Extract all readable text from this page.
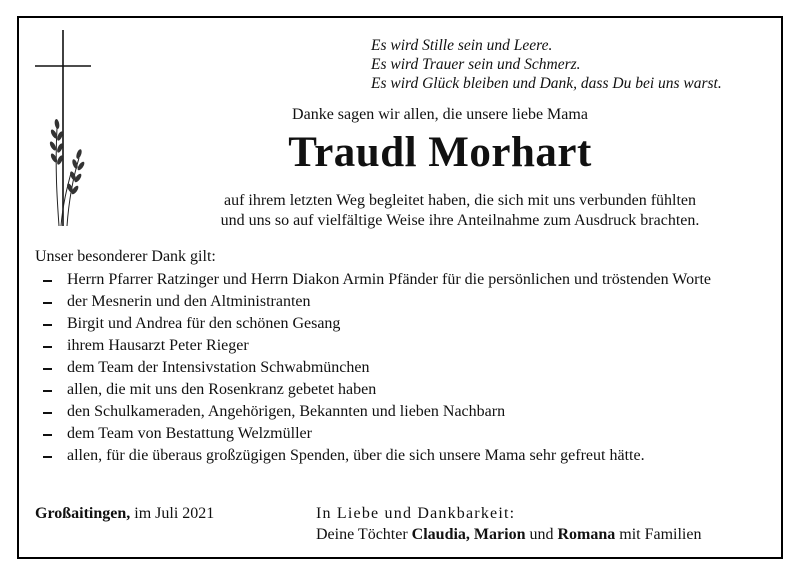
Es wird Stille sein und Leere.
Es wird Trauer sein und Schmerz.
Es wird Glück bleiben und Dank, dass Du bei uns warst.
Danke sagen wir allen, die unsere liebe Mama
Traudl Morhart
auf ihrem letzten Weg begleitet haben, die sich mit uns verbunden fühlten
und uns so auf vielfältige Weise ihre Anteilnahme zum Ausdruck brachten.
Unser besonderer Dank gilt:
Herrn Pfarrer Ratzinger und Herrn Diakon Armin Pfänder für die persönlichen und tröstenden Worte
der Mesnerin und den Altministranten
Birgit und Andrea für den schönen Gesang
ihrem Hausarzt Peter Rieger
dem Team der Intensivstation Schwabmünchen
allen, die mit uns den Rosenkranz gebetet haben
den Schulkameraden, Angehörigen, Bekannten und lieben Nachbarn
dem Team von Bestattung Welzmüller
allen, für die überaus großzügigen Spenden, über die sich unsere Mama sehr gefreut hätte.
Großaitingen, im Juli 2021	In Liebe und Dankbarkeit:
Deine Töchter Claudia, Marion und Romana mit Familien
